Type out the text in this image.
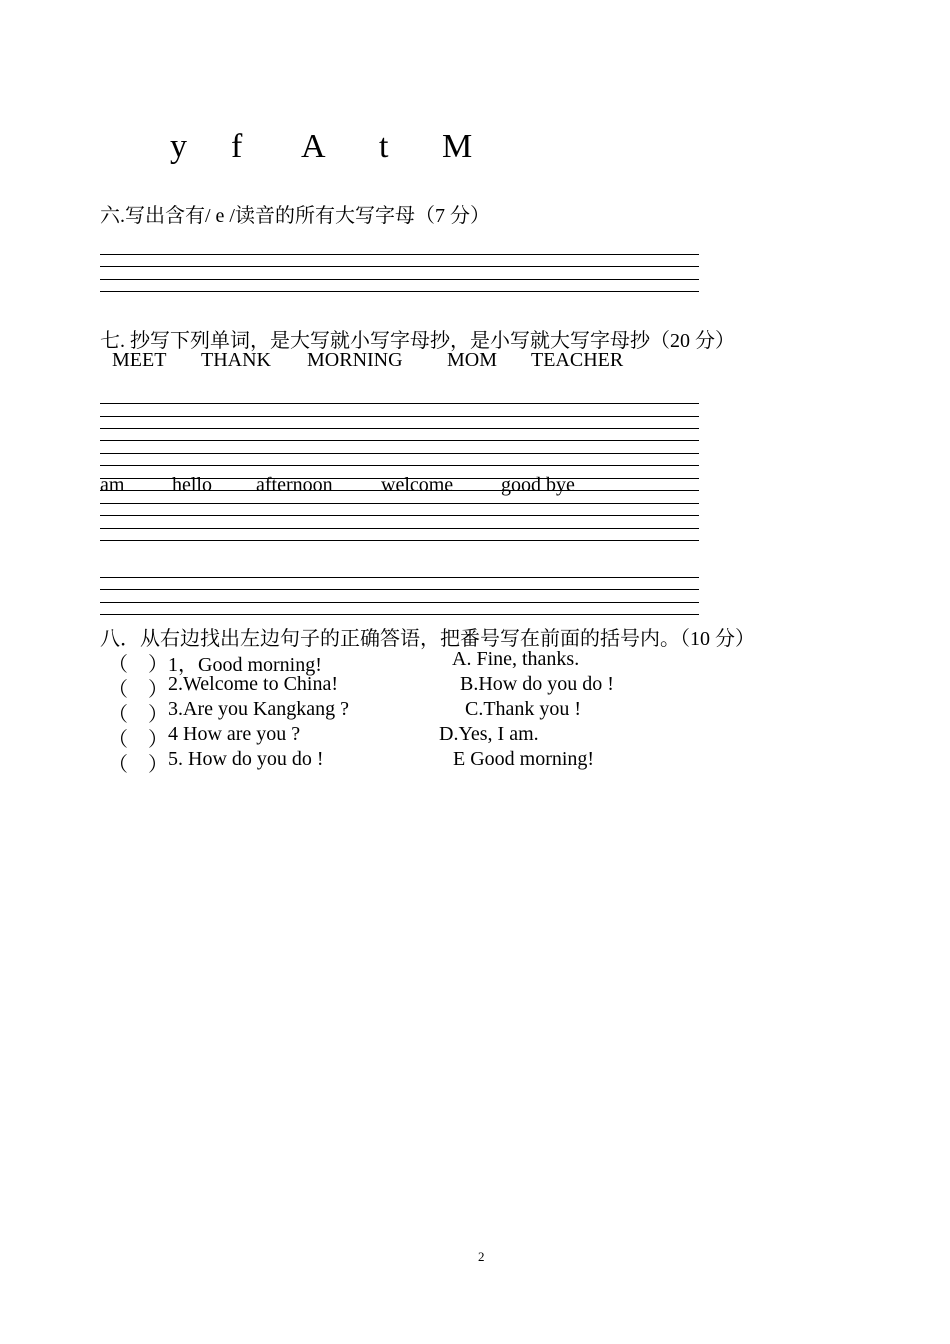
y f A t M
六.写出含有/ e /读音的所有大写字母（7 分）
七. 抄写下列单词，是大写就小写字母抄，是小写就大写字母抄（20 分）
MEET THANK MORNING MOM TEACHER
am hello afternoon welcome good bye
八．从右边找出左边句子的正确答语，把番号写在前面的括号内。（10 分）
（　） 1，Good morning!	A. Fine, thanks.
（　） 2.Welcome to China!	B.How do you do !
（　） 3.Are you Kangkang ?	C.Thank you !
（　） 4 How are you ?	D.Yes, I am.
（　） 5. How do you do !	E Good morning!
2
